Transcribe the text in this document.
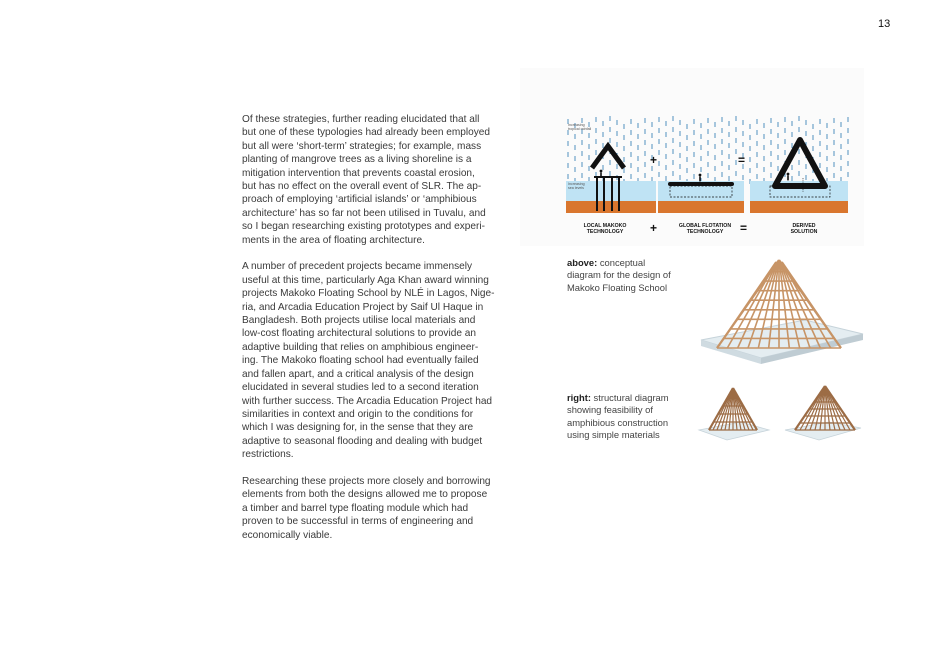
13

Of these strategies, further reading elucidated that all
but one of these typologies had already been employed
but all were ‘short-term’ strategies; for example, mass
planting of mangrove trees as a living shoreline is a
mitigation intervention that prevents coastal erosion,
but has no effect on the overall event of SLR. The ap-
proach of employing ‘artificial islands’ or ‘amphibious
architecture’ has so far not been utilised in Tuvalu, and
so I began researching existing prototypes and experi-
ments in the area of floating architecture.

A number of precedent projects became immensely
useful at this time, particularly Aga Khan award winning
projects Makoko Floating School by NLÉ in Lagos, Nige-
ria, and Arcadia Education Project by Saif Ul Haque in
Bangladesh. Both projects utilise local materials and
low-cost floating architectural solutions to provide an
adaptive building that relies on amphibious engineer-
ing. The Makoko floating school had eventually failed
and fallen apart, and a critical analysis of the design
elucidated in several studies led to a second iteration
with further success. The Arcadia Education Project had
similarities in context and origin to the conditions for
which I was designing for, in the sense that they are
adaptive to seasonal flooding and dealing with budget
restrictions.

Researching these projects more closely and borrowing
elements from both the designs allowed me to propose
a timber and barrel type floating module which had
proven to be successful in terms of engineering and
economically viable.

Increasing tropical rainfall
Increasing sea levels
+	=
LOCAL MAKOKO
TECHNOLOGY	+	GLOBAL FLOTATION
TECHNOLOGY	=	DERIVED
SOLUTION
above: conceptual
diagram for the design of
Makoko Floating School
right: structural diagram
showing feasibility of
amphibious construction
using simple materials
